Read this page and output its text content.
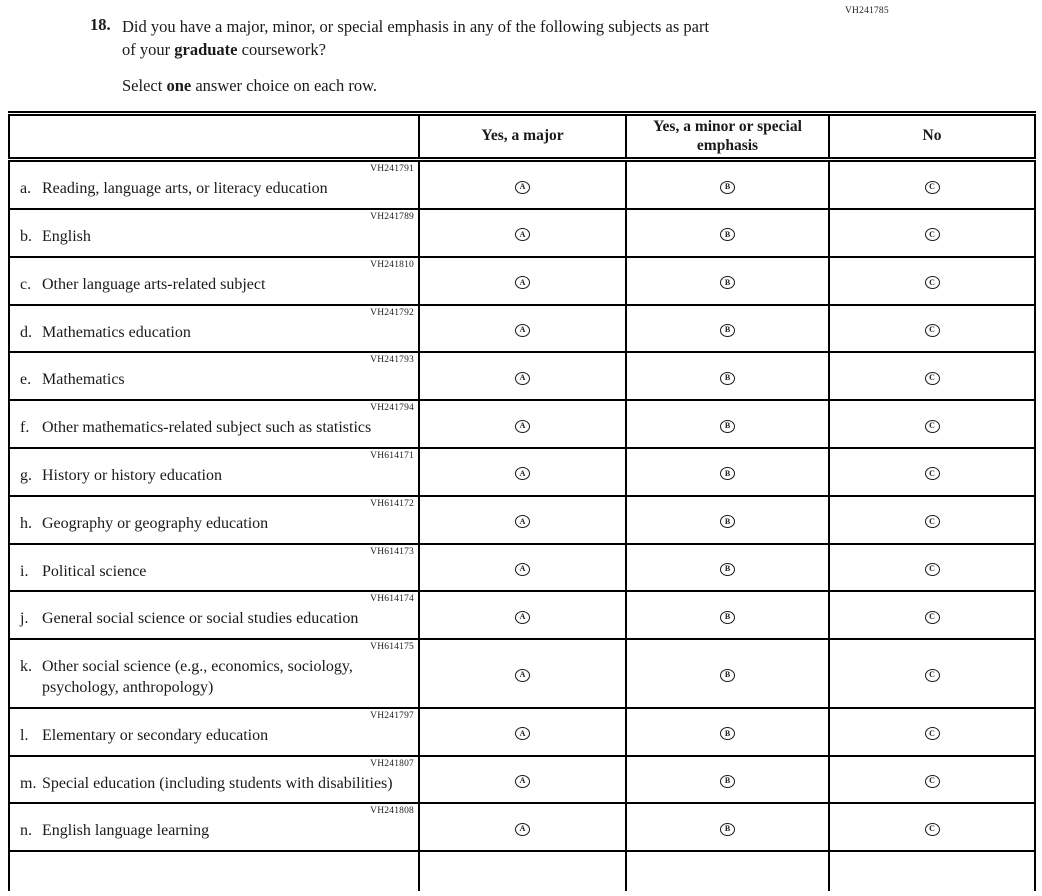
VH241785
18. Did you have a major, minor, or special emphasis in any of the following subjects as part
of your graduate coursework?

Select one answer choice on each row.

	Yes, a major	Yes, a minor or special emphasis	No

VH241791
a. Reading, language arts, or literacy education	A	B	C

VH241789
b. English	A	B	C

VH241810
c. Other language arts-related subject	A	B	C

VH241792
d. Mathematics education	A	B	C

VH241793
e. Mathematics	A	B	C

VH241794
f. Other mathematics-related subject such as statistics	A	B	C

VH614171
g. History or history education	A	B	C

VH614172
h. Geography or geography education	A	B	C

VH614173
i. Political science	A	B	C

VH614174
j. General social science or social studies education	A	B	C

VH614175
k. Other social science (e.g., economics, sociology, psychology, anthropology)	A	B	C

VH241797
l. Elementary or secondary education	A	B	C

VH241807
m. Special education (including students with disabilities)	A	B	C

VH241808
n. English language learning	A	B	C
